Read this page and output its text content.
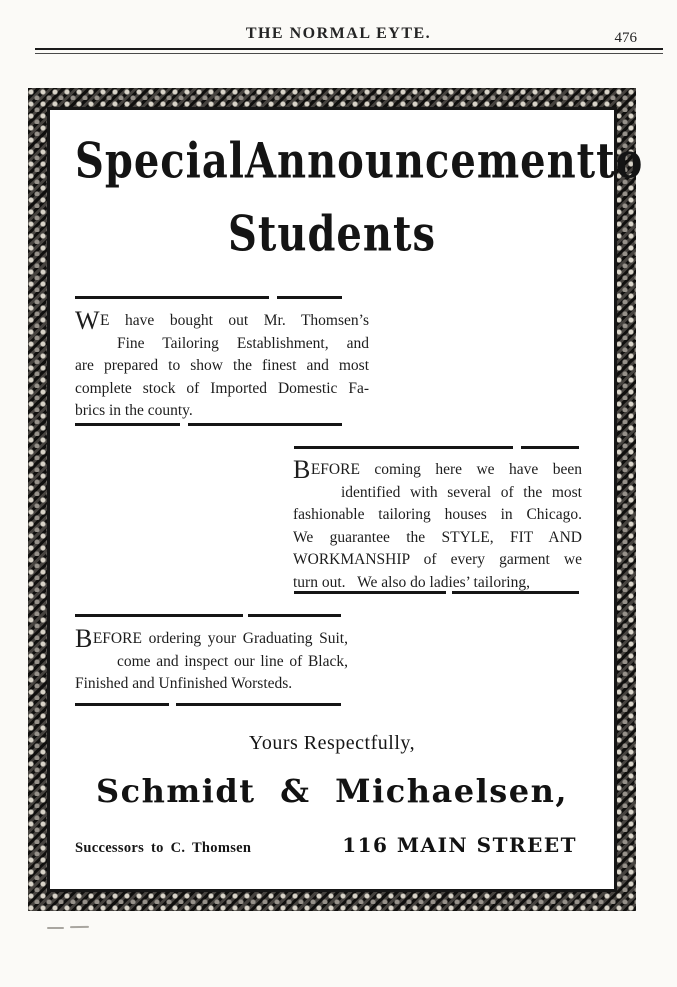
THE NORMAL EYTE.	476
Special Announcement to
Students
WE have bought out Mr. Thomsen’s
Fine Tailoring Establishment, and
are prepared to show the finest and most
complete stock of Imported Domestic Fa-
brics in the county.
BEFORE coming here we have been
identified with several of the most
fashionable tailoring houses in Chicago.
We guarantee the STYLE, FIT AND
WORKMANSHIP of every garment we
turn out.  We also do ladies’ tailoring,
BEFORE ordering your Graduating Suit,
come and inspect our line of Black,
Finished and Unfinished Worsteds.
Yours Respectfully,
Schmidt & Michaelsen,
Successors to C. Thomsen	116 MAIN STREET
